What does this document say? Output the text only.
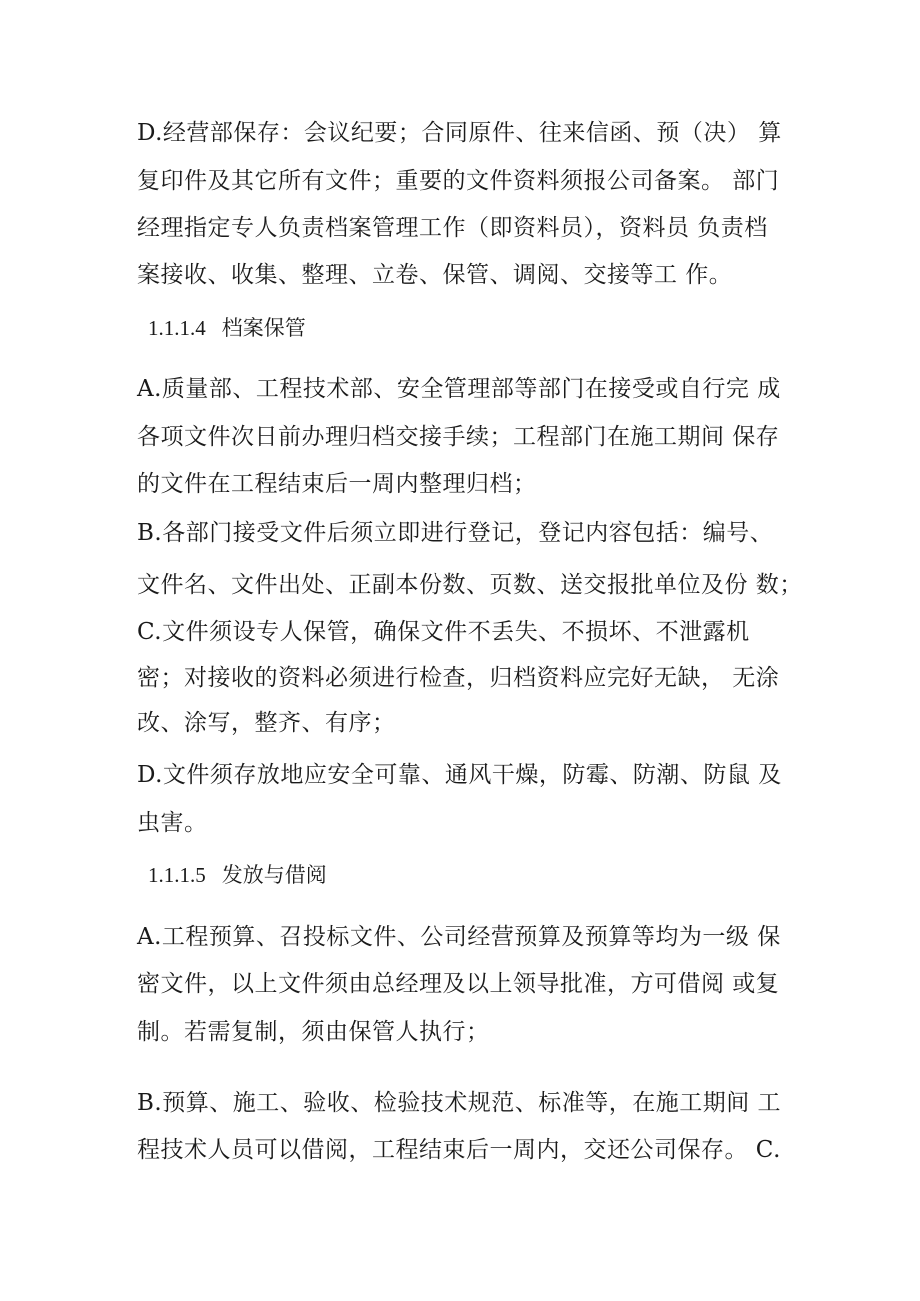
D.经营部保存：会议纪要；合同原件、往来信函、预（决） 算
复印件及其它所有文件；重要的文件资料须报公司备案。 部门
经理指定专人负责档案管理工作（即资料员），资料员 负责档
案接收、收集、整理、立卷、保管、调阅、交接等工 作。
1.1.1.4 档案保管
A.质量部、工程技术部、安全管理部等部门在接受或自行完 成
各项文件次日前办理归档交接手续；工程部门在施工期间 保存
的文件在工程结束后一周内整理归档；
B.各部门接受文件后须立即进行登记，登记内容包括：编号、
文件名、文件出处、正副本份数、页数、送交报批单位及份 数；
C.文件须设专人保管，确保文件不丢失、不损坏、不泄露机
密；对接收的资料必须进行检查，归档资料应完好无缺， 无涂
改、涂写，整齐、有序；
D.文件须存放地应安全可靠、通风干燥，防霉、防潮、防鼠 及
虫害。
1.1.1.5 发放与借阅
A.工程预算、召投标文件、公司经营预算及预算等均为一级 保
密文件，以上文件须由总经理及以上领导批准，方可借阅 或复
制。若需复制，须由保管人执行；
B.预算、施工、验收、检验技术规范、标准等，在施工期间 工
程技术人员可以借阅，工程结束后一周内，交还公司保存。 C.
